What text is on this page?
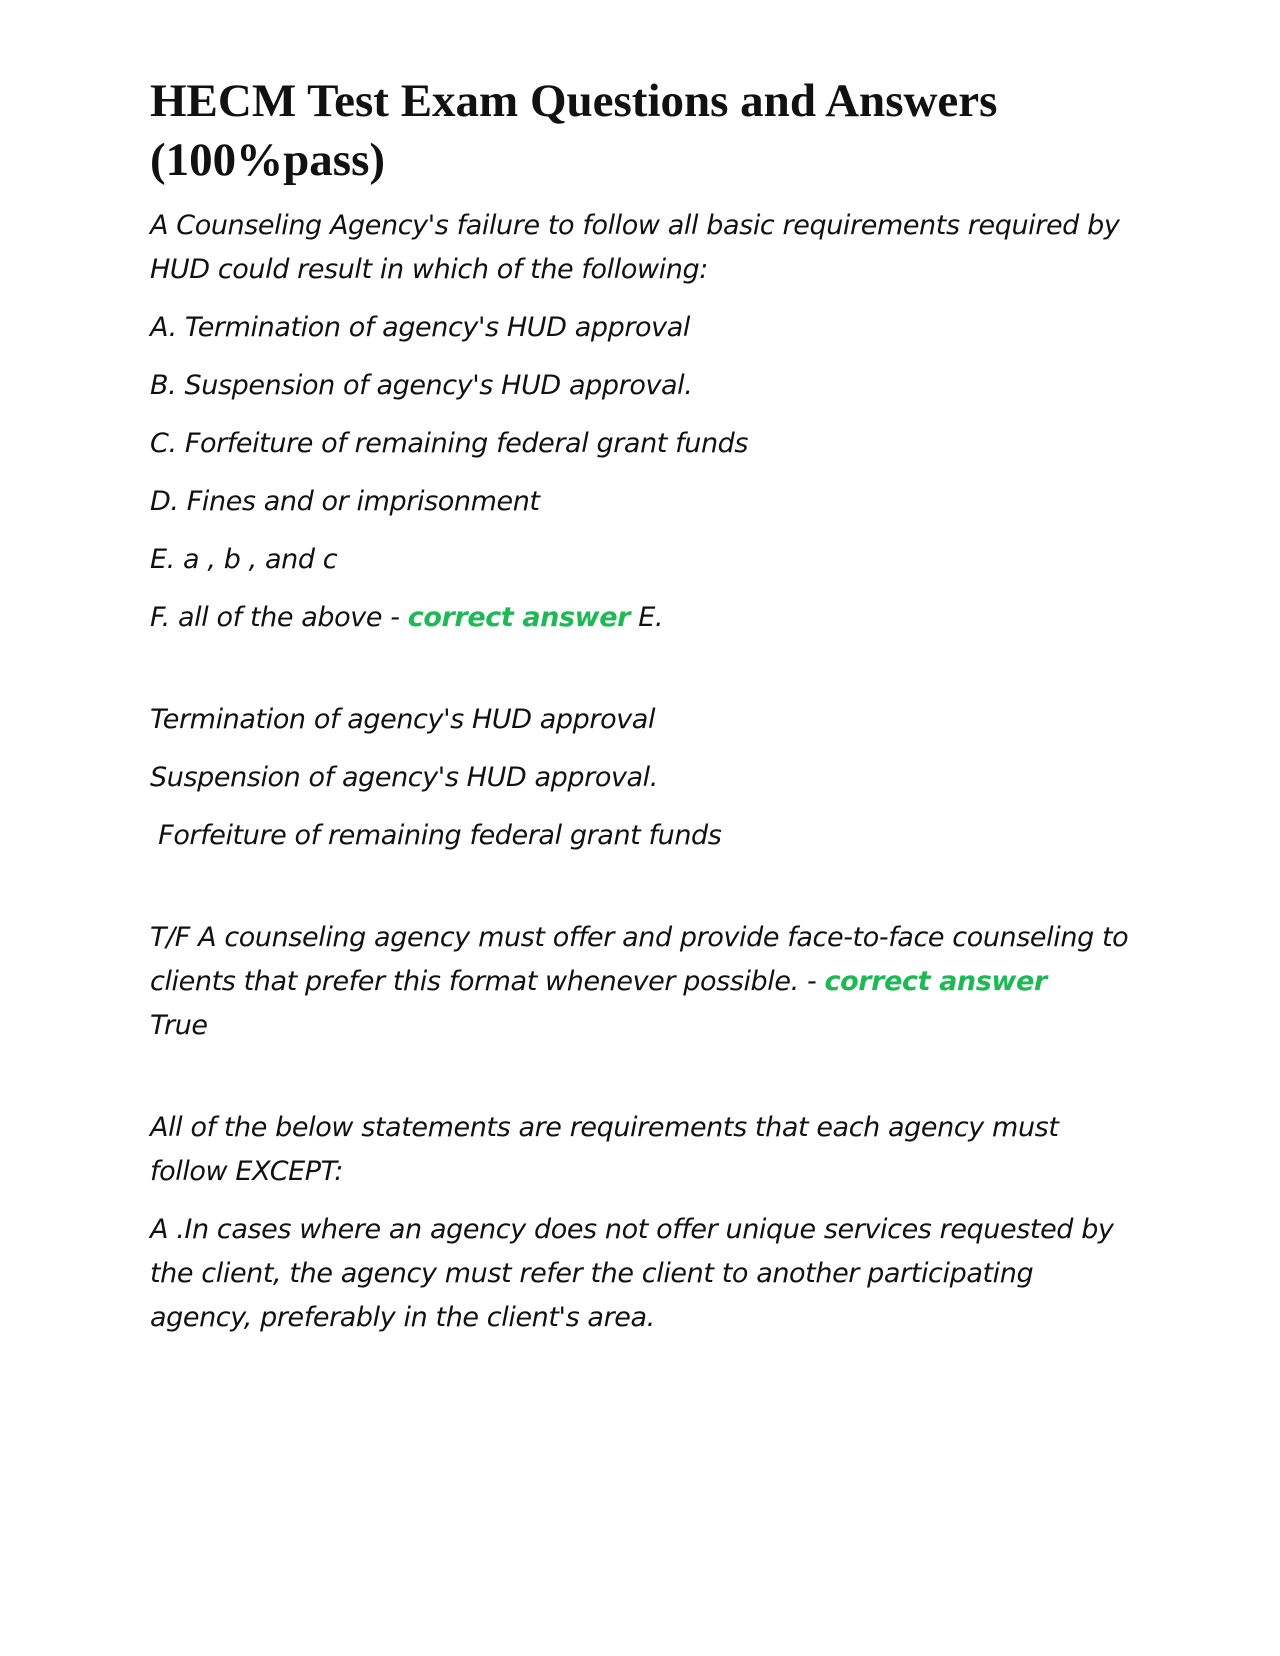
HECM Test Exam Questions and Answers (100%pass)

A Counseling Agency's failure to follow all basic requirements required by HUD could result in which of the following:

A. Termination of agency's HUD approval

B. Suspension of agency's HUD approval.

C. Forfeiture of remaining federal grant funds

D. Fines and or imprisonment

E. a , b , and c

F. all of the above - correct answer E.

Termination of agency's HUD approval

Suspension of agency's HUD approval.

Forfeiture of remaining federal grant funds

T/F A counseling agency must offer and provide face-to-face counseling to clients that prefer this format whenever possible. - correct answer
True

All of the below statements are requirements that each agency must follow EXCEPT:

A .In cases where an agency does not offer unique services requested by the client, the agency must refer the client to another participating agency, preferably in the client's area.
